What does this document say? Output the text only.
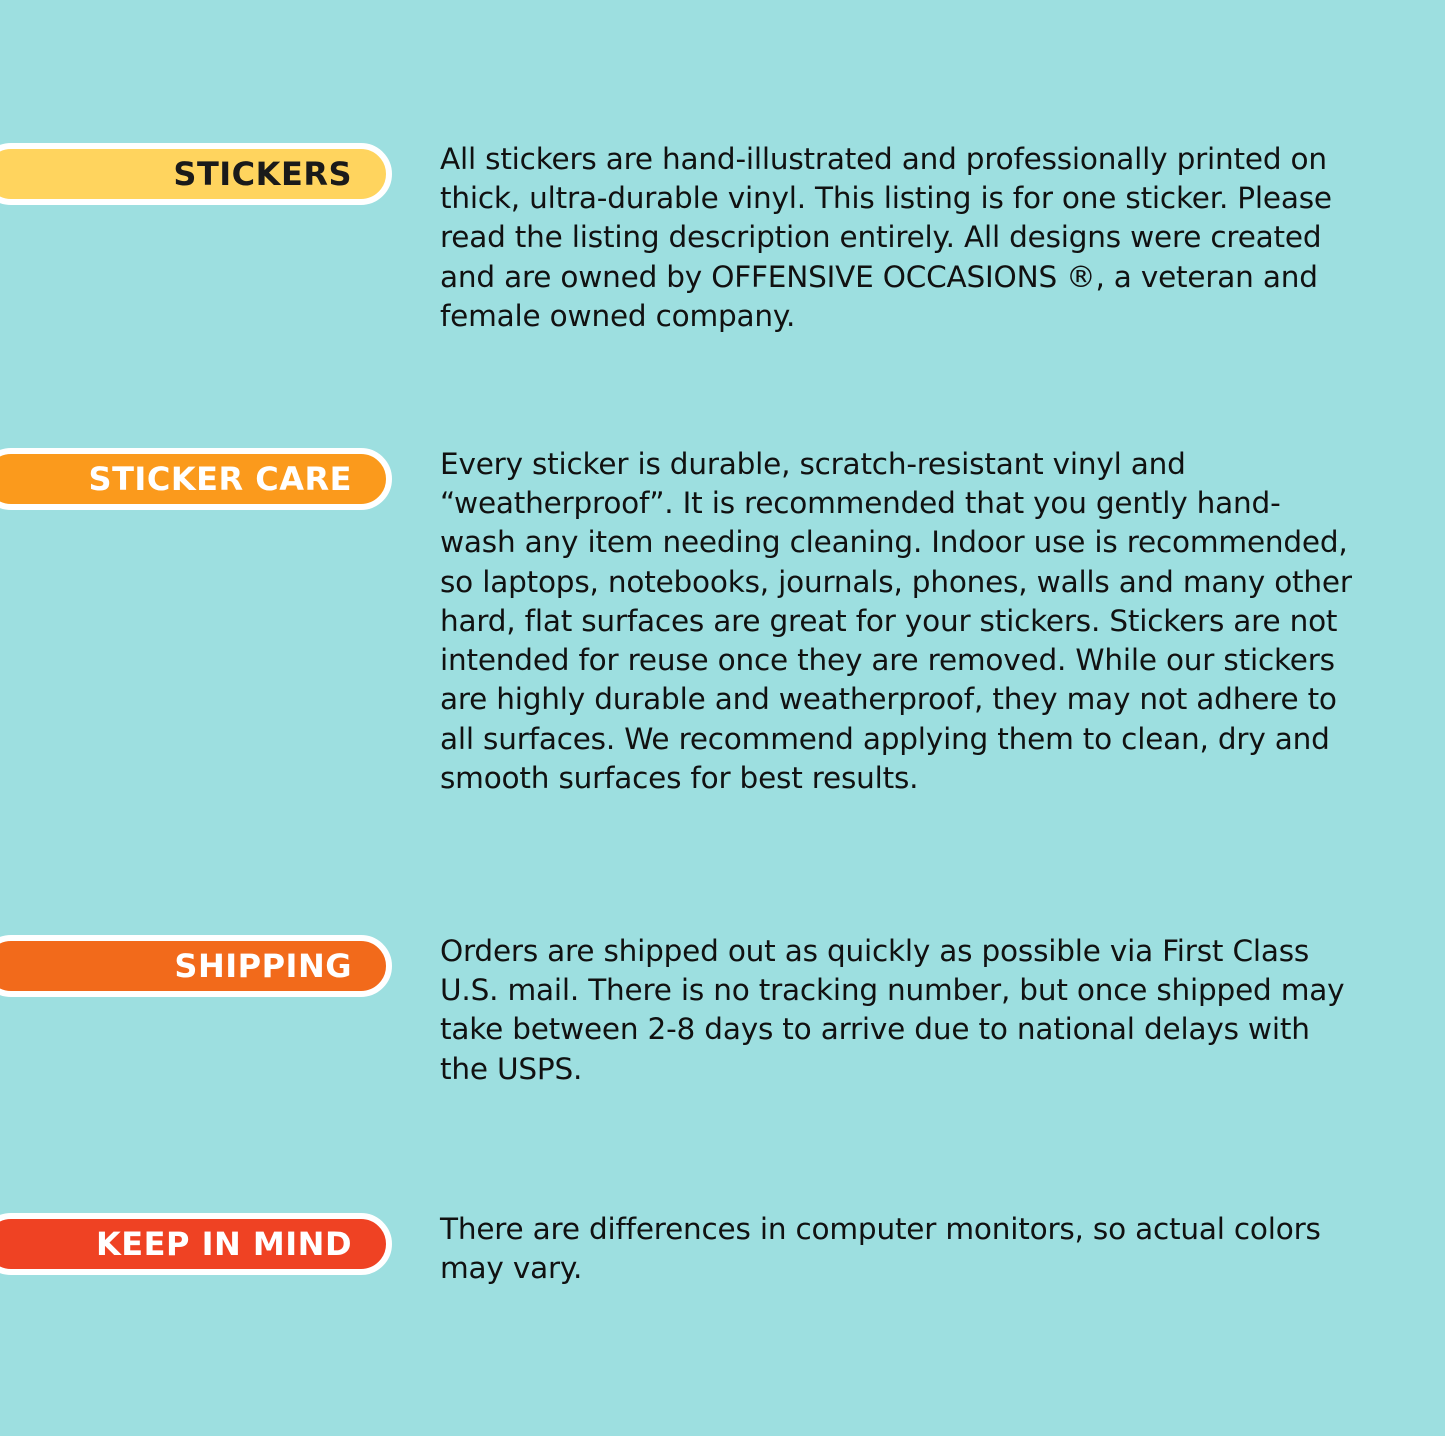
STICKERS	All stickers are hand-illustrated and professionally printed on thick, ultra-durable vinyl. This listing is for one sticker. Please read the listing description entirely. All designs were created and are owned by OFFENSIVE OCCASIONS ®, a veteran and female owned company.
STICKER CARE	Every sticker is durable, scratch-resistant vinyl and “weatherproof”. It is recommended that you gently hand-wash any item needing cleaning. Indoor use is recommended, so laptops, notebooks, journals, phones, walls and many other hard, flat surfaces are great for your stickers. Stickers are not intended for reuse once they are removed. While our stickers are highly durable and weatherproof, they may not adhere to all surfaces. We recommend applying them to clean, dry and smooth surfaces for best results.
SHIPPING	Orders are shipped out as quickly as possible via First Class U.S. mail. There is no tracking number, but once shipped may take between 2-8 days to arrive due to national delays with the USPS.
KEEP IN MIND	There are differences in computer monitors, so actual colors may vary.
